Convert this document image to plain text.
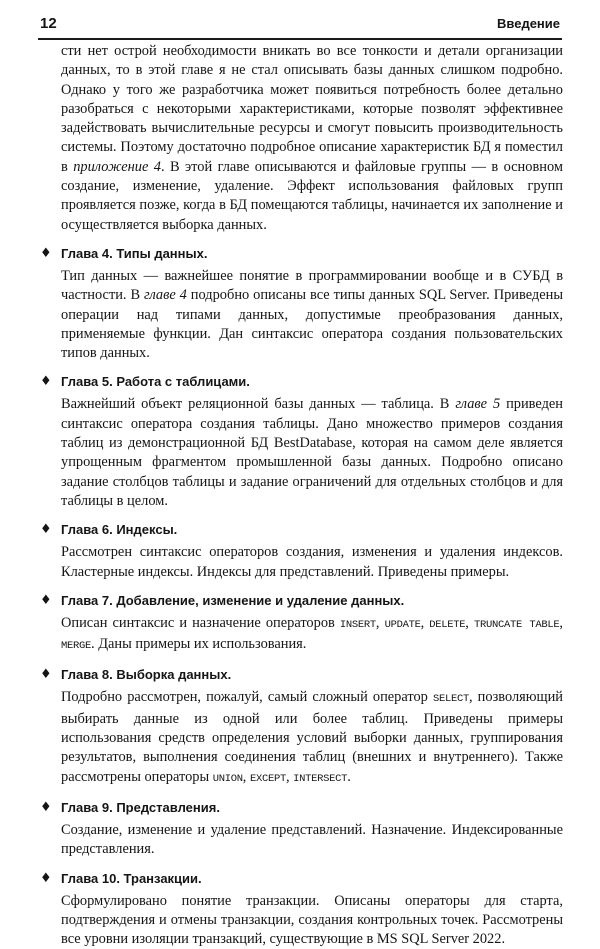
12	Введение

сти нет острой необходимости вникать во все тонкости и детали организации данных, то в этой главе я не стал описывать базы данных слишком подробно. Однако у того же разработчика может появиться потребность более детально разобраться с некоторыми характеристиками, которые позволят эффективнее задействовать вычислительные ресурсы и смогут повысить производительность системы. Поэтому достаточно подробное описание характеристик БД я поместил в приложение 4. В этой главе описываются и файловые группы — в основном создание, изменение, удаление. Эффект использования файловых групп проявляется позже, когда в БД помещаются таблицы, начинается их заполнение и осуществляется выборка данных.

♦ Глава 4. Типы данных.

Тип данных — важнейшее понятие в программировании вообще и в СУБД в частности. В главе 4 подробно описаны все типы данных SQL Server. Приведены операции над типами данных, допустимые преобразования данных, применяемые функции. Дан синтаксис оператора создания пользовательских типов данных.

♦ Глава 5. Работа с таблицами.

Важнейший объект реляционной базы данных — таблица. В главе 5 приведен синтаксис оператора создания таблицы. Дано множество примеров создания таблиц из демонстрационной БД BestDatabase, которая на самом деле является упрощенным фрагментом промышленной базы данных. Подробно описано задание столбцов таблицы и задание ограничений для отдельных столбцов и для таблицы в целом.

♦ Глава 6. Индексы.

Рассмотрен синтаксис операторов создания, изменения и удаления индексов. Кластерные индексы. Индексы для представлений. Приведены примеры.

♦ Глава 7. Добавление, изменение и удаление данных.

Описан синтаксис и назначение операторов INSERT, UPDATE, DELETE, TRUNCATE TABLE, MERGE. Даны примеры их использования.

♦ Глава 8. Выборка данных.

Подробно рассмотрен, пожалуй, самый сложный оператор SELECT, позволяющий выбирать данные из одной или более таблиц. Приведены примеры использования средств определения условий выборки данных, группирования результатов, выполнения соединения таблиц (внешних и внутреннего). Также рассмотрены операторы UNION, EXCEPT, INTERSECT.

♦ Глава 9. Представления.

Создание, изменение и удаление представлений. Назначение. Индексированные представления.

♦ Глава 10. Транзакции.

Сформулировано понятие транзакции. Описаны операторы для старта, подтверждения и отмены транзакции, создания контрольных точек. Рассмотрены все уровни изоляции транзакций, существующие в MS SQL Server 2022.
